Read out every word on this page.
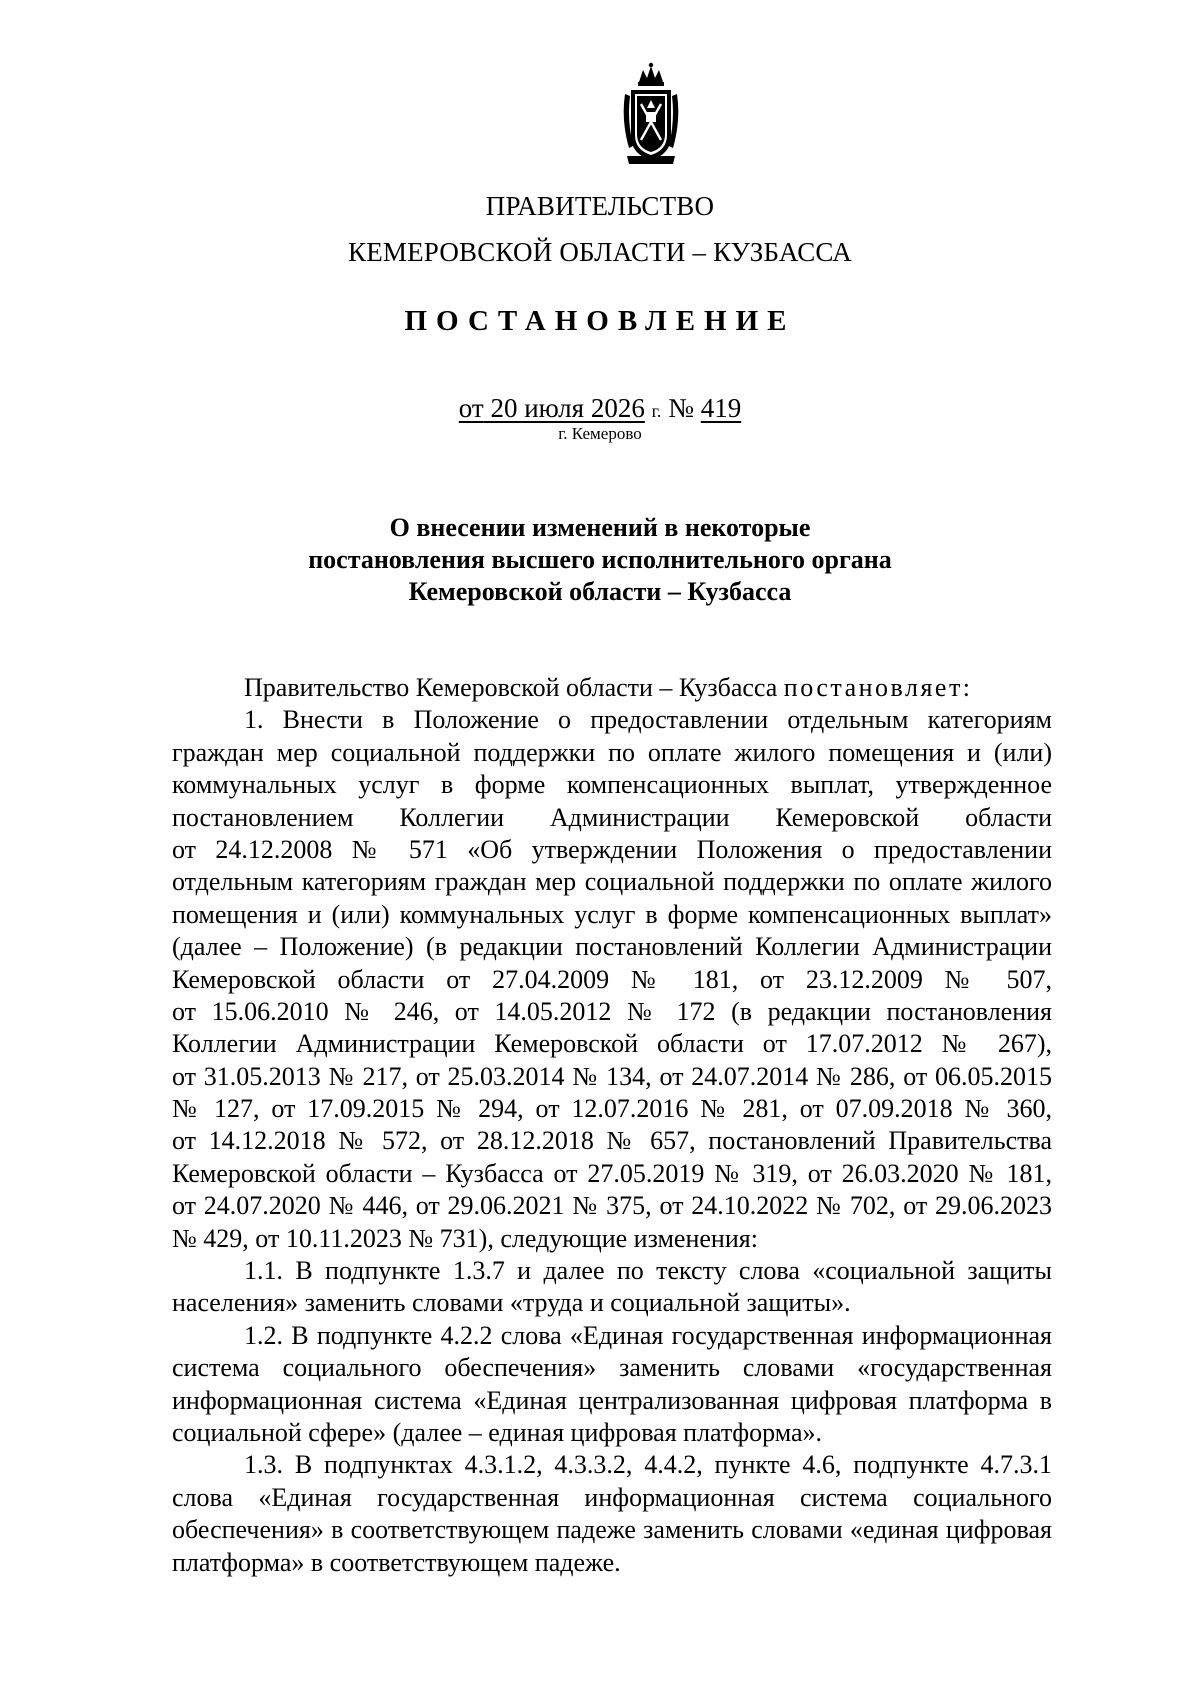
ПРАВИТЕЛЬСТВО
КЕМЕРОВСКОЙ ОБЛАСТИ – КУЗБАССА
ПОСТАНОВЛЕНИЕ
от 20 июля 2026 г. № 419
г. Кемерово
О внесении изменений в некоторые
постановления высшего исполнительного органа
Кемеровской области – Кузбасса
Правительство Кемеровской области – Кузбасса постановляет:
1. Внести в Положение о предоставлении отдельным категориям
граждан мер социальной поддержки по оплате жилого помещения и (или)
коммунальных услуг в форме компенсационных выплат, утвержденное
постановлением Коллегии Администрации Кемеровской области
от 24.12.2008 № 571 «Об утверждении Положения о предоставлении
отдельным категориям граждан мер социальной поддержки по оплате жилого
помещения и (или) коммунальных услуг в форме компенсационных выплат»
(далее – Положение) (в редакции постановлений Коллегии Администрации
Кемеровской области от 27.04.2009 № 181, от 23.12.2009 № 507,
от 15.06.2010 № 246, от 14.05.2012 № 172 (в редакции постановления
Коллегии Администрации Кемеровской области от 17.07.2012 № 267),
от 31.05.2013 № 217, от 25.03.2014 № 134, от 24.07.2014 № 286, от 06.05.2015
№ 127, от 17.09.2015 № 294, от 12.07.2016 № 281, от 07.09.2018 № 360,
от 14.12.2018 № 572, от 28.12.2018 № 657, постановлений Правительства
Кемеровской области – Кузбасса от 27.05.2019 № 319, от 26.03.2020 № 181,
от 24.07.2020 № 446, от 29.06.2021 № 375, от 24.10.2022 № 702, от 29.06.2023
№ 429, от 10.11.2023 № 731), следующие изменения:
1.1. В подпункте 1.3.7 и далее по тексту слова «социальной защиты
населения» заменить словами «труда и социальной защиты».
1.2. В подпункте 4.2.2 слова «Единая государственная информационная
система социального обеспечения» заменить словами «государственная
информационная система «Единая централизованная цифровая платформа в
социальной сфере» (далее – единая цифровая платформа».
1.3. В подпунктах 4.3.1.2, 4.3.3.2, 4.4.2, пункте 4.6, подпункте 4.7.3.1
слова «Единая государственная информационная система социального
обеспечения» в соответствующем падеже заменить словами «единая цифровая
платформа» в соответствующем падеже.
